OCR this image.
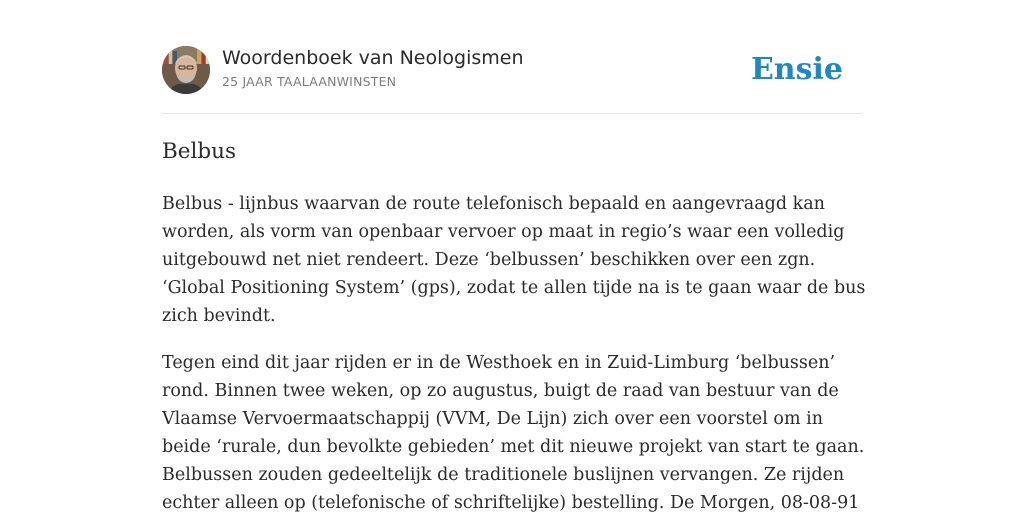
Woordenboek van Neologismen
25 JAAR TAALAANWINSTEN	Ensie
Belbus

Belbus - lijnbus waarvan de route telefonisch bepaald en aangevraagd kan worden, als vorm van openbaar vervoer op maat in regio’s waar een volledig uitgebouwd net niet rendeert. Deze ‘belbussen’ beschikken over een zgn. ‘Global Positioning System’ (gps), zodat te allen tijde na is te gaan waar de bus zich bevindt.

Tegen eind dit jaar rijden er in de Westhoek en in Zuid-Limburg ‘belbussen’ rond. Binnen twee weken, op zo augustus, buigt de raad van bestuur van de Vlaamse Vervoermaatschappij (VVM, De Lijn) zich over een voorstel om in beide ‘rurale, dun bevolkte gebieden’ met dit nieuwe projekt van start te gaan. Belbussen zouden gedeeltelijk de traditionele buslijnen vervangen. Ze rijden echter alleen op (telefonische of schriftelijke) bestelling. De Morgen, 08-08-91
